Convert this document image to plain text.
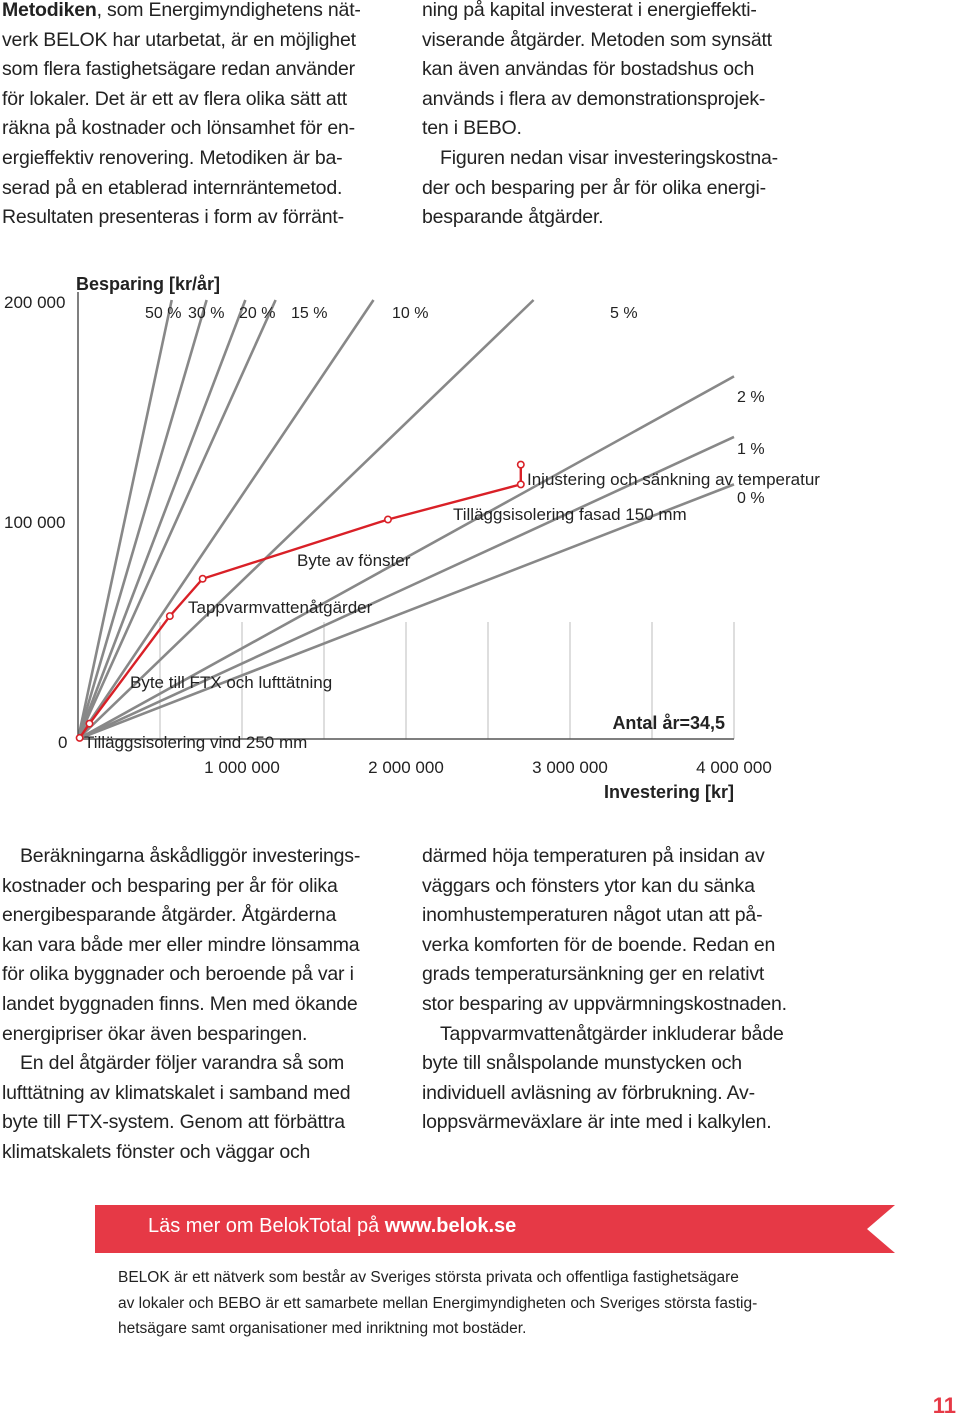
Metodiken, som Energimyndighetens nät-

verk BELOK har utarbetat, är en möjlighet

som flera fastighetsägare redan använder

för lokaler. Det är ett av flera olika sätt att

räkna på kostnader och lönsamhet för en-

ergieffektiv renovering. Metodiken är ba-

serad på en etablerad internräntemetod.

Resultaten presenteras i form av förränt-

ning på kapital investerat i energieffekti-

viserande åtgärder. Metoden som synsätt

kan även användas för bostadshus och

används i flera av demonstrationsprojek-

ten i BEBO.

Figuren nedan visar investeringskostna-

der och besparing per år för olika energi-

besparande åtgärder.

50 % 30 % 20 % 15 %	10 %	5 %
2 %
1 %
0 %
0
100 000
200 000
1 000 000	2 000 000	3 000 000	4 000 000
Besparing [kr/år]
Investering [kr]
Antal år=34,5
Tilläggsisolering vind 250 mm
Byte till FTX och lufttätning
Tappvarmvattenåtgärder
Byte av fönster
Tilläggsisolering fasad 150 mm
Injustering och sänkning av temperatur

Beräkningarna åskådliggör investerings-

kostnader och besparing per år för olika

energibesparande åtgärder. Åtgärderna

kan vara både mer eller mindre lönsamma

för olika byggnader och beroende på var i

landet byggnaden finns. Men med ökande

energipriser ökar även besparingen.

En del åtgärder följer varandra så som

lufttätning av klimatskalet i samband med

byte till FTX-system. Genom att förbättra

klimatskalets fönster och väggar och

därmed höja temperaturen på insidan av

väggars och fönsters ytor kan du sänka

inomhustemperaturen något utan att på-

verka komforten för de boende. Redan en

grads temperatursänkning ger en relativt

stor besparing av uppvärmningskostnaden.

Tappvarmvattenåtgärder inkluderar både

byte till snålspolande munstycken och

individuell avläsning av förbrukning. Av-

loppsvärmeväxlare är inte med i kalkylen.

Läs mer om BelokTotal på www.belok.se
BELOK är ett nätverk som består av Sveriges största privata och offentliga fastighetsägare
av lokaler och BEBO är ett samarbete mellan Energimyndigheten och Sveriges största fastig-
hetsägare samt organisationer med inriktning mot bostäder.
11
